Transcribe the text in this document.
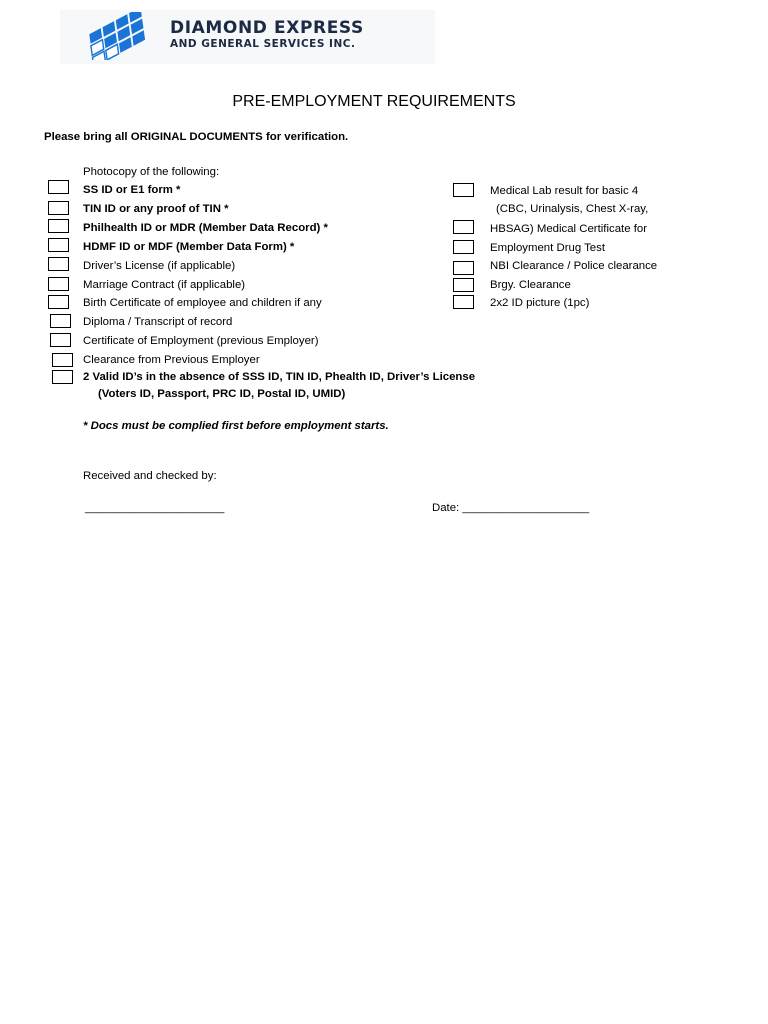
DIAMOND EXPRESS
AND GENERAL SERVICES INC.
PRE-EMPLOYMENT REQUIREMENTS
Please bring all ORIGINAL DOCUMENTS for verification.
Photocopy of the following:
SS ID or E1 form *
TIN ID or any proof of TIN *
Philhealth ID or MDR (Member Data Record) *
HDMF ID or MDF (Member Data Form) *
Driver’s License (if applicable)
Marriage Contract (if applicable)
Birth Certificate of employee and children if any
Diploma / Transcript of record
Certificate of Employment (previous Employer)
Clearance from Previous Employer
2 Valid ID’s in the absence of SSS ID, TIN ID, Phealth ID, Driver’s License
(Voters ID, Passport, PRC ID, Postal ID, UMID)
Medical Lab result for basic 4
(CBC, Urinalysis, Chest X-ray,
HBSAG) Medical Certificate for
Employment Drug Test
NBI Clearance / Police clearance
Brgy. Clearance
2x2 ID picture (1pc)
* Docs must be complied first before employment starts.
Received and checked by:
______________________	Date: ____________________
